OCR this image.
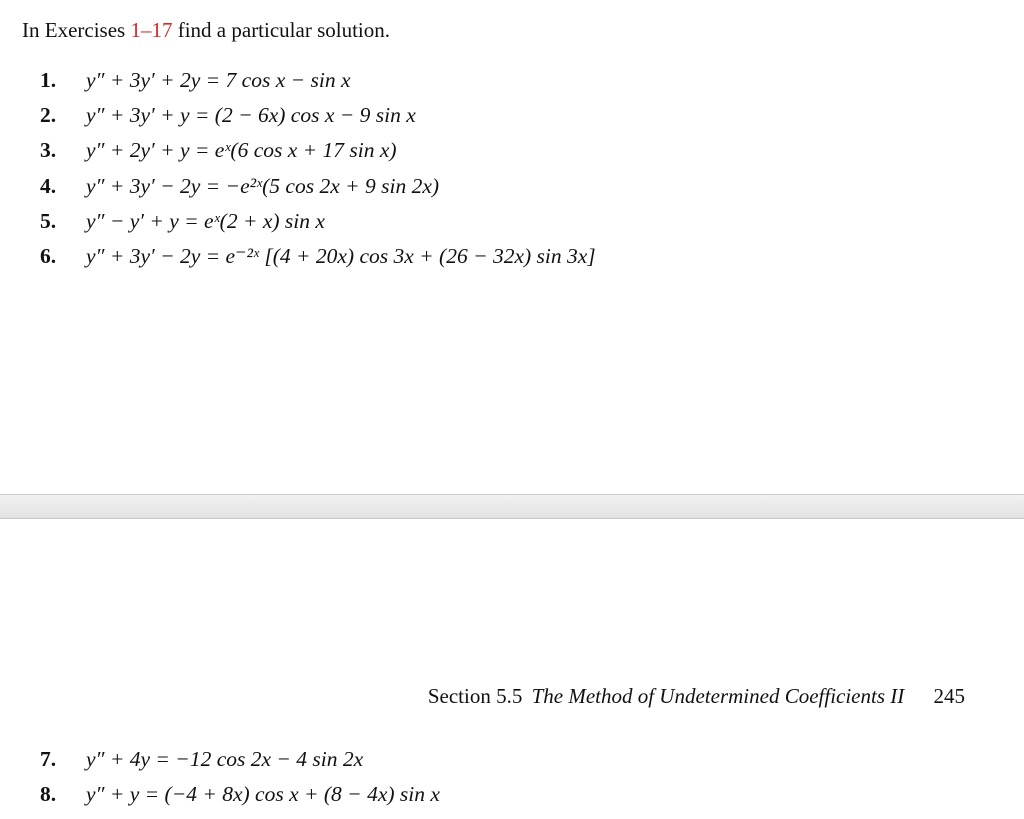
In Exercises 1–17 find a particular solution.
1. y″ + 3y′ + 2y = 7 cos x − sin x
2. y″ + 3y′ + y = (2 − 6x) cos x − 9 sin x
3. y″ + 2y′ + y = eˣ(6 cos x + 17 sin x)
4. y″ + 3y′ − 2y = −e²ˣ(5 cos 2x + 9 sin 2x)
5. y″ − y′ + y = eˣ(2 + x) sin x
6. y″ + 3y′ − 2y = e⁻²ˣ [(4 + 20x) cos 3x + (26 − 32x) sin 3x]
Section 5.5 The Method of Undetermined Coefficients II 245
7. y″ + 4y = −12 cos 2x − 4 sin 2x
8. y″ + y = (−4 + 8x) cos x + (8 − 4x) sin x
